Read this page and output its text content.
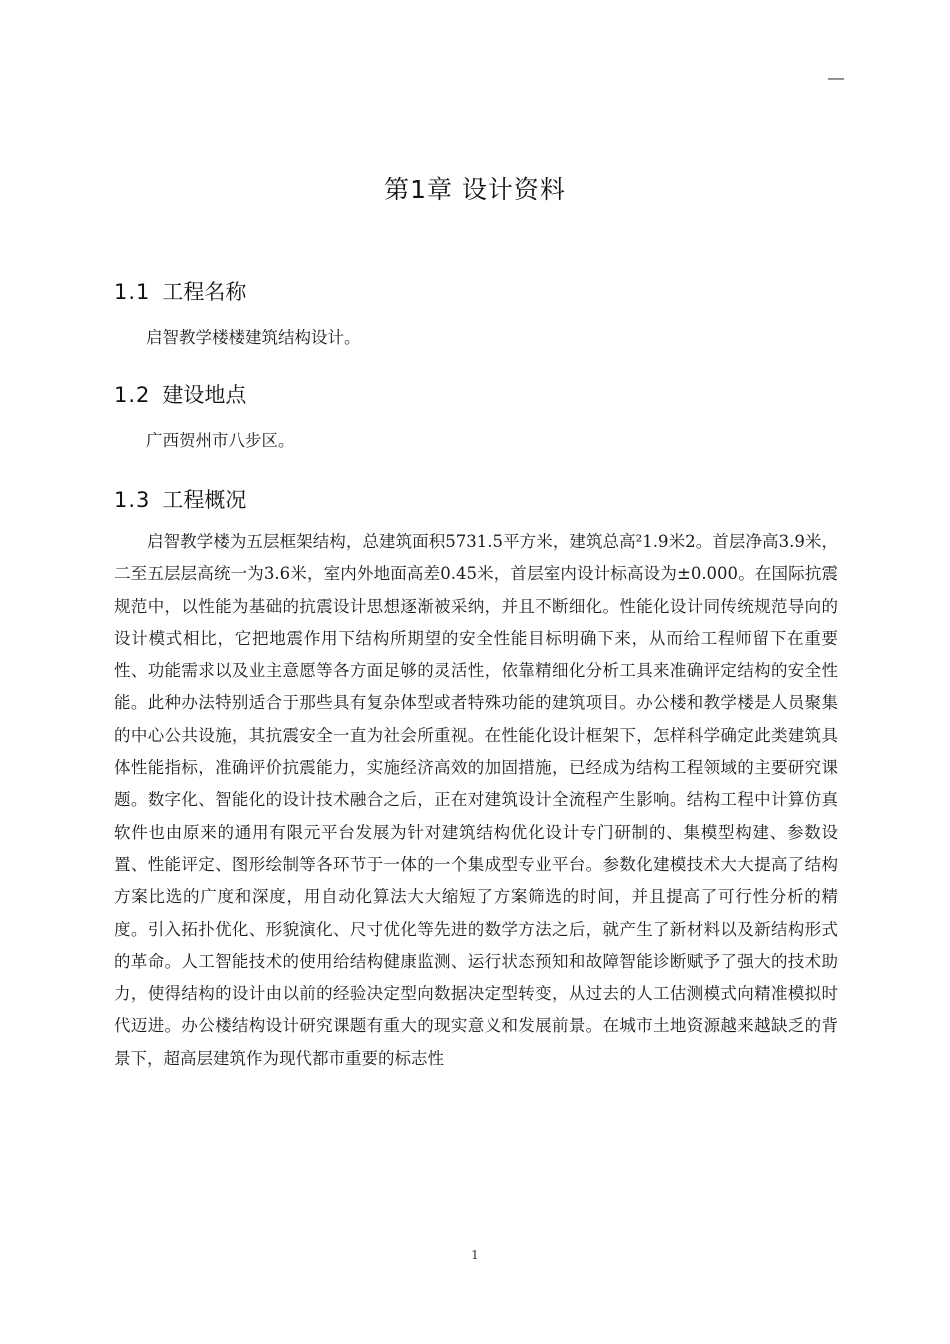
—
第1章 设计资料
1.1 工程名称
启智教学楼楼建筑结构设计。
1.2 建设地点
广西贺州市八步区。
1.3 工程概况
启智教学楼为五层框架结构，总建筑面积5731.5平方米，建筑总高²1.9米2。首层净高3.9米，二至五层层高统一为3.6米，室内外地面高差0.45米，首层室内设计标高设为±0.000。在国际抗震规范中，以性能为基础的抗震设计思想逐渐被采纳，并且不断细化。性能化设计同传统规范导向的设计模式相比，它把地震作用下结构所期望的安全性能目标明确下来，从而给工程师留下在重要性、功能需求以及业主意愿等各方面足够的灵活性，依靠精细化分析工具来准确评定结构的安全性能。此种办法特别适合于那些具有复杂体型或者特殊功能的建筑项目。办公楼和教学楼是人员聚集的中心公共设施，其抗震安全一直为社会所重视。在性能化设计框架下，怎样科学确定此类建筑具体性能指标，准确评价抗震能力，实施经济高效的加固措施，已经成为结构工程领域的主要研究课题。数字化、智能化的设计技术融合之后，正在对建筑设计全流程产生影响。结构工程中计算仿真软件也由原来的通用有限元平台发展为针对建筑结构优化设计专门研制的、集模型构建、参数设置、性能评定、图形绘制等各环节于一体的一个集成型专业平台。参数化建模技术大大提高了结构方案比选的广度和深度，用自动化算法大大缩短了方案筛选的时间，并且提高了可行性分析的精度。引入拓扑优化、形貌演化、尺寸优化等先进的数学方法之后，就产生了新材料以及新结构形式的革命。人工智能技术的使用给结构健康监测、运行状态预知和故障智能诊断赋予了强大的技术助力，使得结构的设计由以前的经验决定型向数据决定型转变，从过去的人工估测模式向精准模拟时代迈进。办公楼结构设计研究课题有重大的现实意义和发展前景。在城市土地资源越来越缺乏的背景下，超高层建筑作为现代都市重要的标志性
1
